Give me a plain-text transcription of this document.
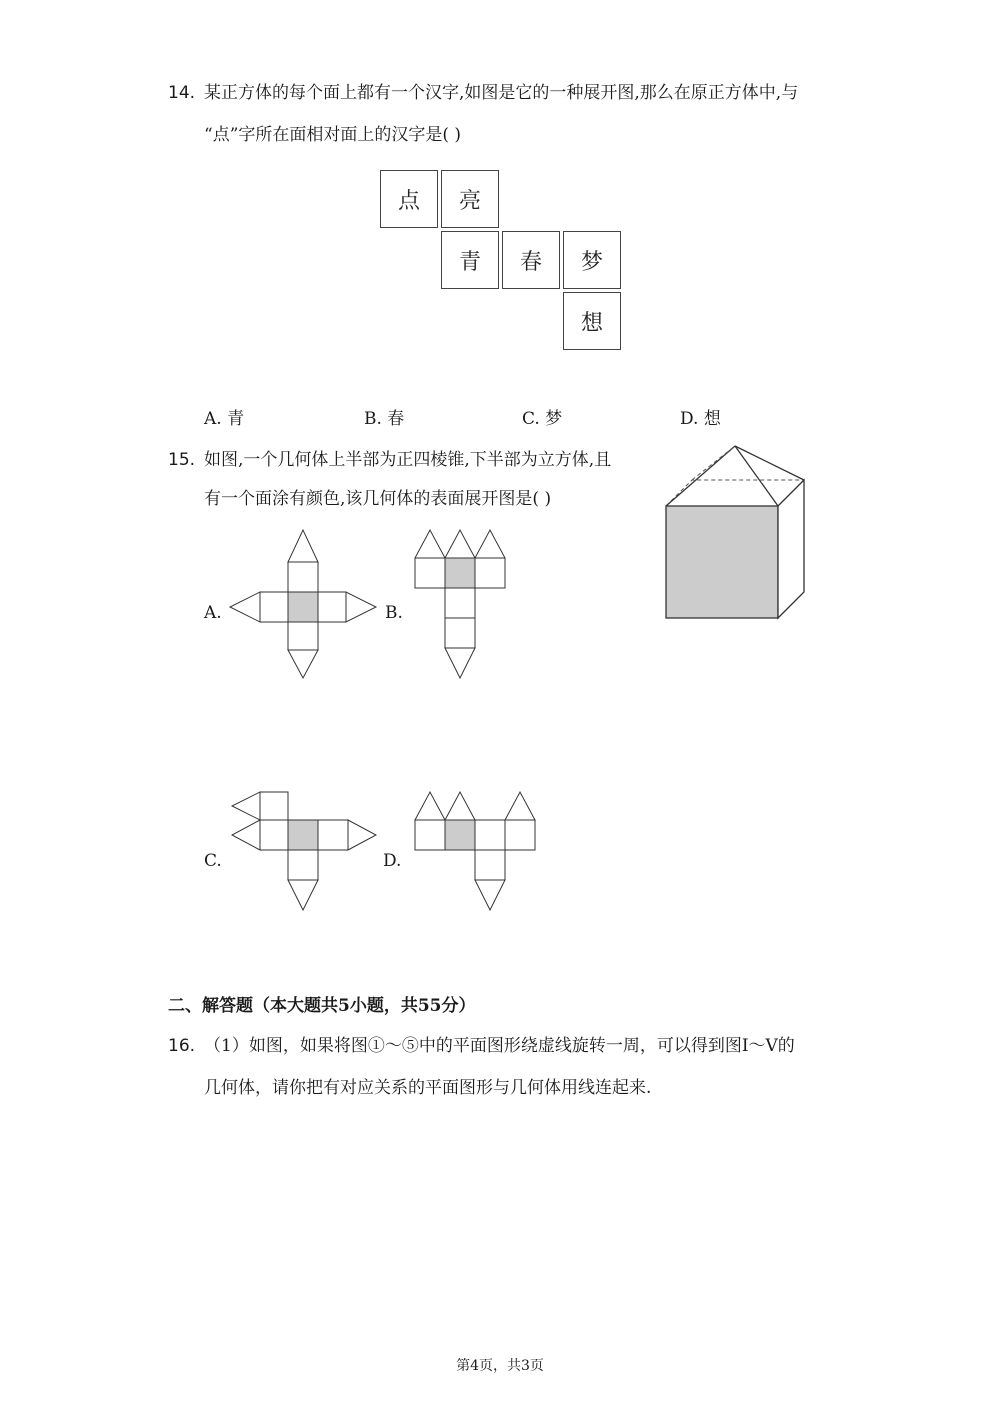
14. 某正方体的每个面上都有一个汉字,如图是它的一种展开图,那么在原正方体中,与
“点”字所在面相对面上的汉字是( )
点	亮
青	春	梦
想
A. 青	B. 春	C. 梦	D. 想
15. 如图,一个几何体上半部为正四棱锥,下半部为立方体,且
有一个面涂有颜色,该几何体的表面展开图是( )
A.	B.
C.	D.
二、解答题（本大题共5小题，共55分）
16. （1）如图，如果将图①～⑤中的平面图形绕虚线旋转一周，可以得到图Ⅰ～Ⅴ的
几何体，请你把有对应关系的平面图形与几何体用线连起来.
第4页，共3页
